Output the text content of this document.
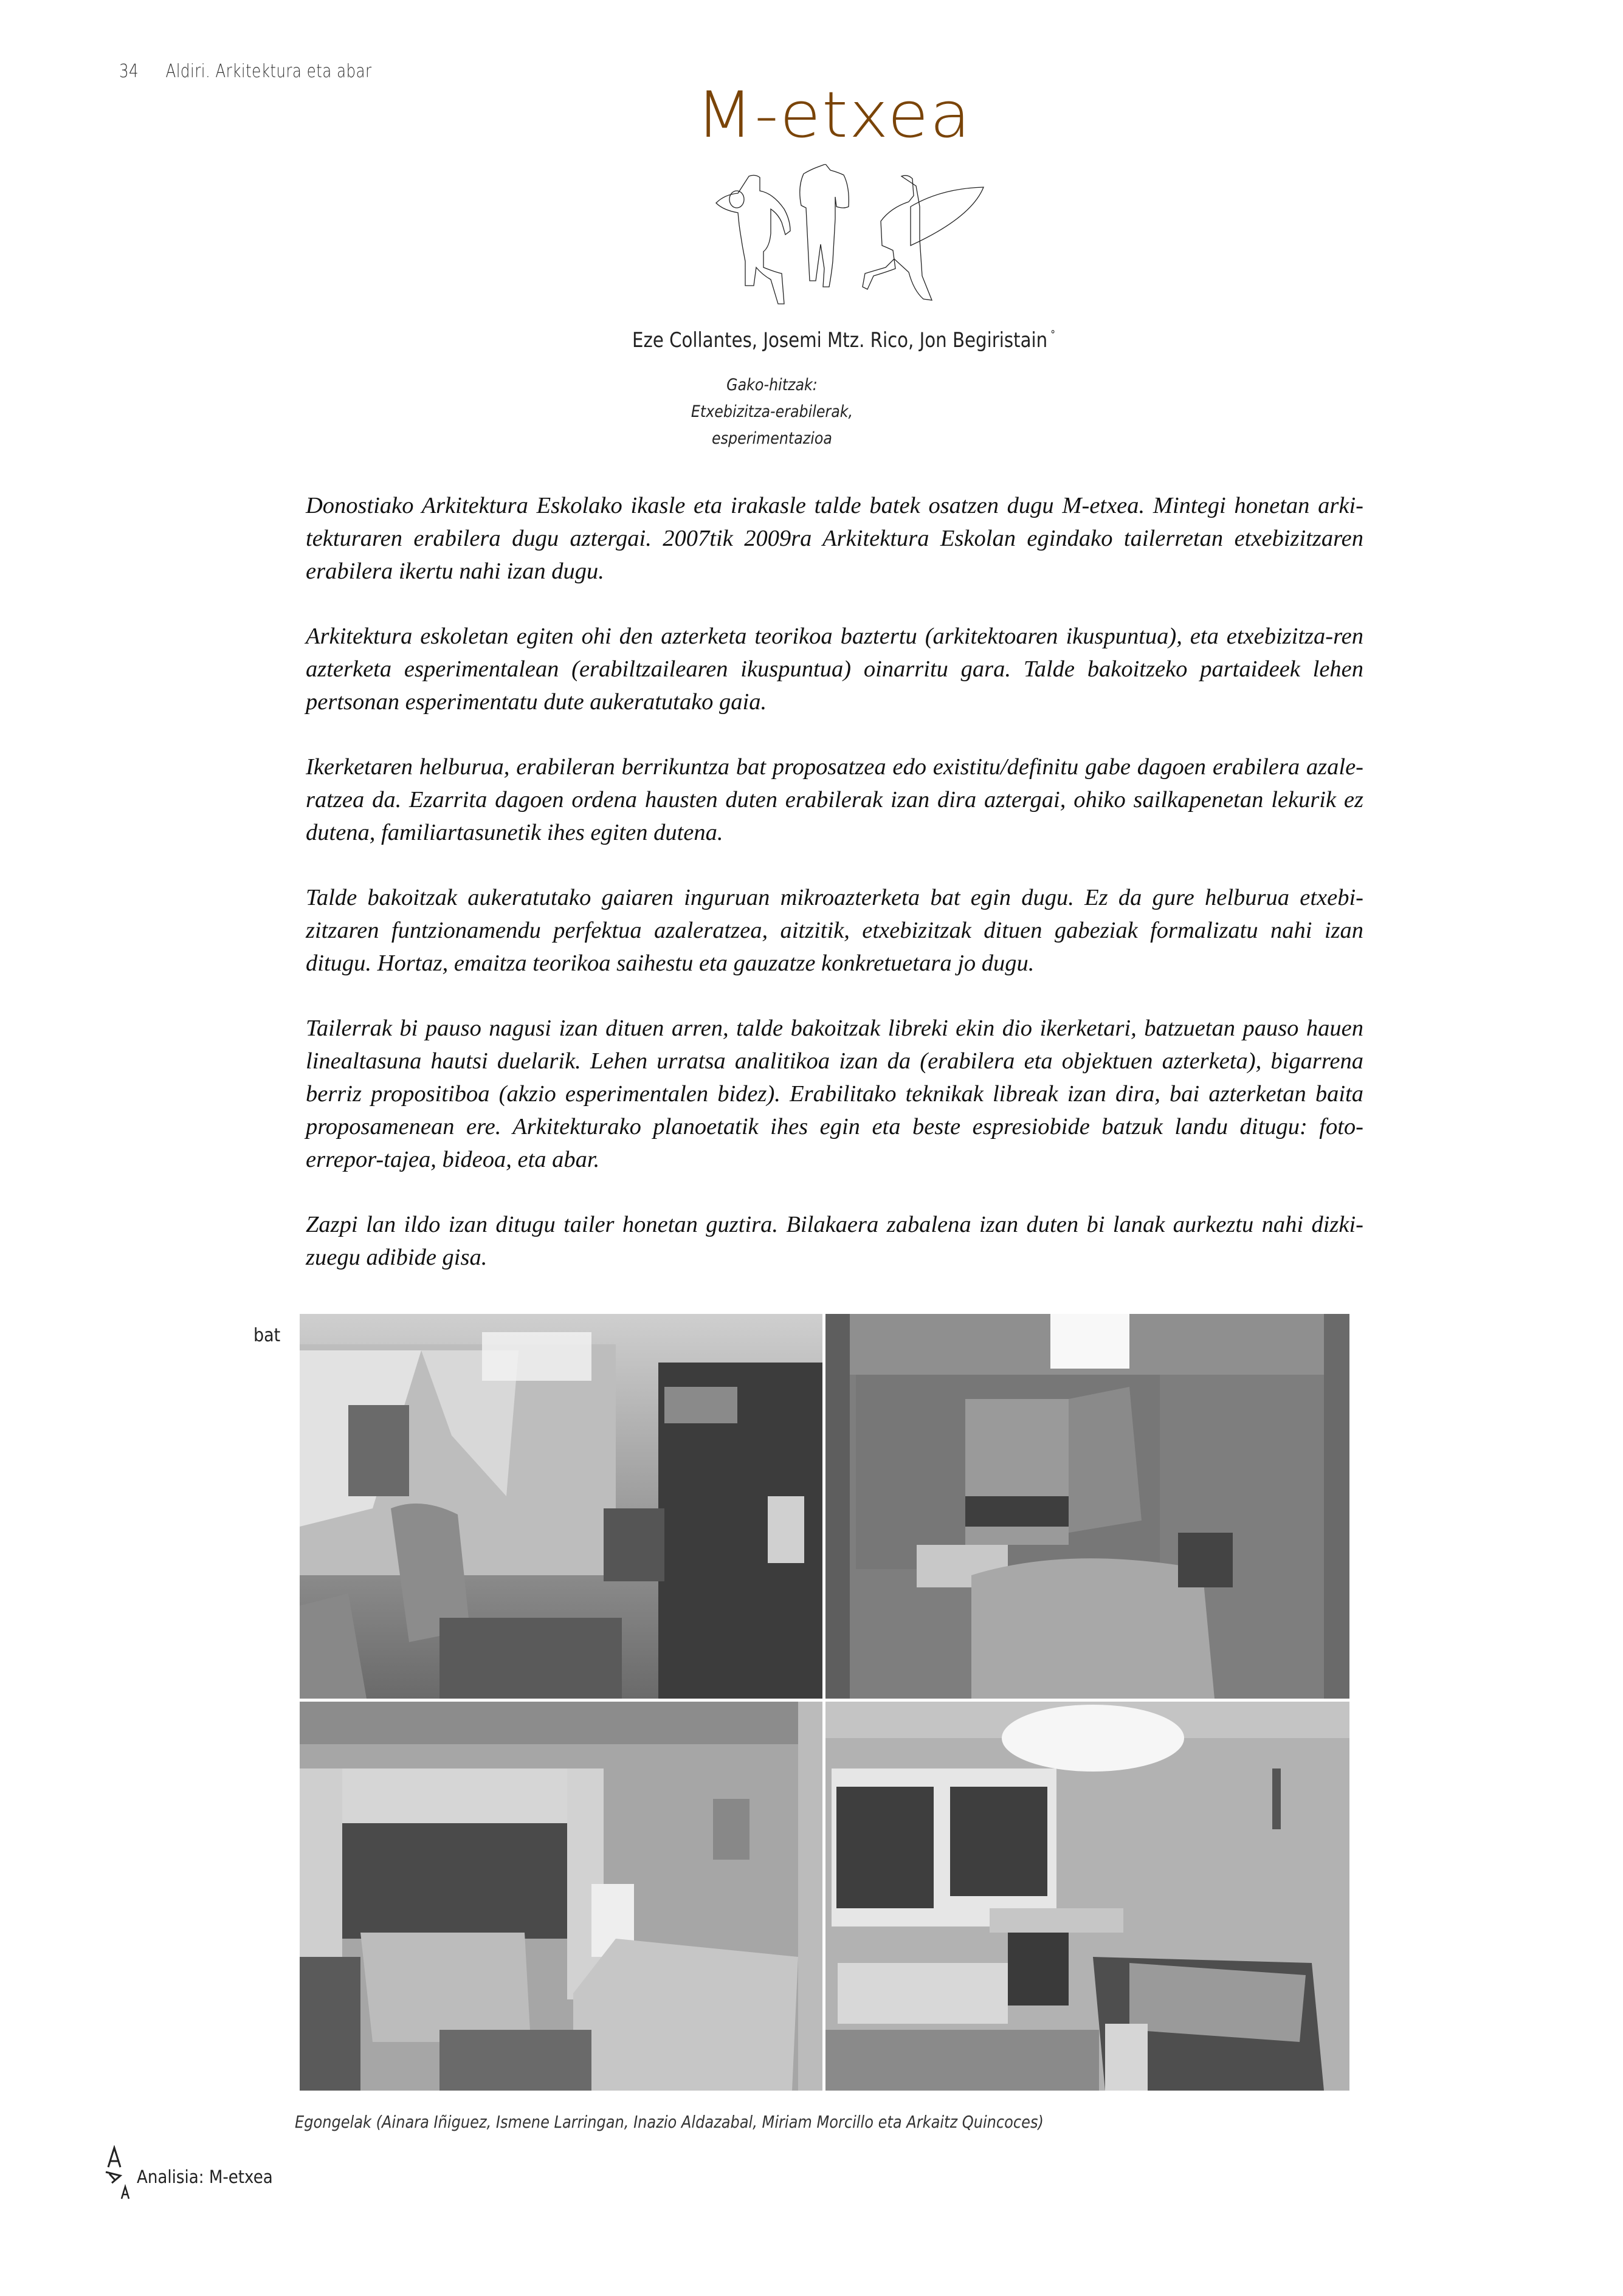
34 Aldiri. Arkitektura eta abar
M-etxea
Eze Collantes, Josemi Mtz. Rico, Jon Begiristain °
Gako-hitzak:
Etxebizitza-erabilerak,
esperimentazioa

Donostiako Arkitektura Eskolako ikasle eta irakasle talde batek osatzen dugu M-etxea. Mintegi honetan arki-tekturaren erabilera dugu aztergai. 2007tik 2009ra Arkitektura Eskolan egindako tailerretan etxebizitzaren erabilera ikertu nahi izan dugu.

Arkitektura eskoletan egiten ohi den azterketa teorikoa baztertu (arkitektoaren ikuspuntua), eta etxebizitza-ren azterketa esperimentalean (erabiltzailearen ikuspuntua) oinarritu gara. Talde bakoitzeko partaideek lehen pertsonan esperimentatu dute aukeratutako gaia.

Ikerketaren helburua, erabileran berrikuntza bat proposatzea edo existitu/definitu gabe dagoen erabilera azale-ratzea da. Ezarrita dagoen ordena hausten duten erabilerak izan dira aztergai, ohiko sailkapenetan lekurik ez dutena, familiartasunetik ihes egiten dutena.

Talde bakoitzak aukeratutako gaiaren inguruan mikroazterketa bat egin dugu. Ez da gure helburua etxebi-zitzaren funtzionamendu perfektua azaleratzea, aitzitik, etxebizitzak dituen gabeziak formalizatu nahi izan ditugu. Hortaz, emaitza teorikoa saihestu eta gauzatze konkretuetara jo dugu.

Tailerrak bi pauso nagusi izan dituen arren, talde bakoitzak libreki ekin dio ikerketari, batzuetan pauso hauen linealtasuna hautsi duelarik. Lehen urratsa analitikoa izan da (erabilera eta objektuen azterketa), bigarrena berriz propositiboa (akzio esperimentalen bidez). Erabilitako teknikak libreak izan dira, bai azterketan baita proposamenean ere. Arkitekturako planoetatik ihes egin eta beste espresiobide batzuk landu ditugu: foto-errepor-tajea, bideoa, eta abar.

Zazpi lan ildo izan ditugu tailer honetan guztira. Bilakaera zabalena izan duten bi lanak aurkeztu nahi dizki-zuegu adibide gisa.

bat
Egongelak (Ainara Iñiguez, Ismene Larringan, Inazio Aldazabal, Miriam Morcillo eta Arkaitz Quincoces)
Analisia: M-etxea
